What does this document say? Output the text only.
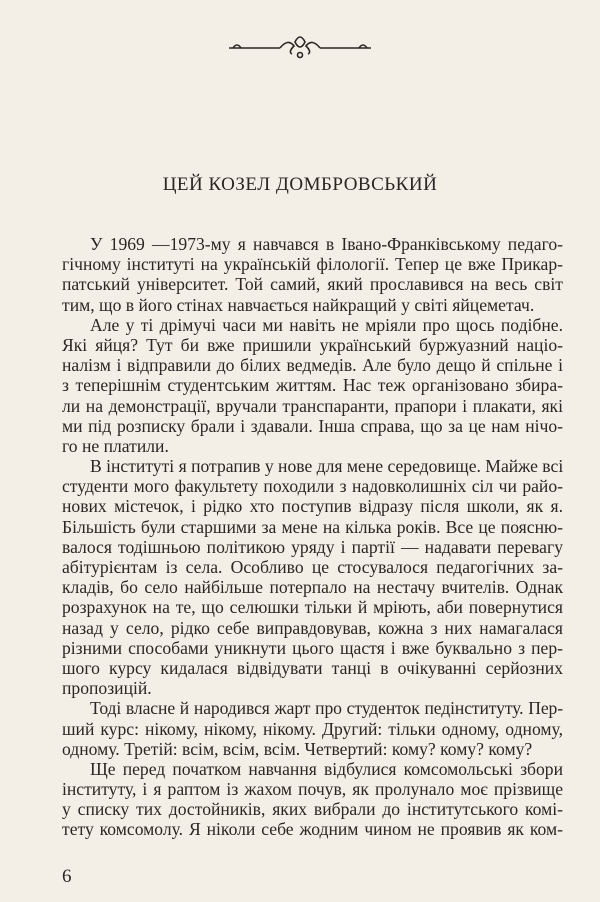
ЦЕЙ КОЗЕЛ ДОМБРОВСЬКИЙ
У 1969 —1973-му я навчався в Івано-Франківському педаго-
гічному інституті на українській філології. Тепер це вже Прикар-
патський університет. Той самий, який прославився на весь світ
тим, що в його стінах навчається найкращий у світі яйцеметач.
Але у ті дрімучі часи ми навіть не мріяли про щось подібне.
Які яйця? Тут би вже пришили український буржуазний націо-
налізм і відправили до білих ведмедів. Але було дещо й спільне і
з теперішнім студентським життям. Нас теж організовано збира-
ли на демонстрації, вручали транспаранти, прапори і плакати, які
ми під розписку брали і здавали. Інша справа, що за це нам нічо-
го не платили.
В інституті я потрапив у нове для мене середовище. Майже всі
студенти мого факультету походили з надовколишніх сіл чи райо-
нових містечок, і рідко хто поступив відразу після школи, як я.
Більшість були старшими за мене на кілька років. Все це поясню-
валося тодішньою політикою уряду і партії — надавати перевагу
абітурієнтам із села. Особливо це стосувалося педагогічних за-
кладів, бо село найбільше потерпало на нестачу вчителів. Однак
розрахунок на те, що селюшки тільки й мріють, аби повернутися
назад у село, рідко себе виправдовував, кожна з них намагалася
різними способами уникнути цього щастя і вже буквально з пер-
шого курсу кидалася відвідувати танці в очікуванні серйозних
пропозицій.
Тоді власне й народився жарт про студенток педінституту. Пер-
ший курс: нікому, нікому, нікому. Другий: тільки одному, одному,
одному. Третій: всім, всім, всім. Четвертий: кому? кому? кому?
Ще перед початком навчання відбулися комсомольські збори
інституту, і я раптом із жахом почув, як пролунало моє прізвище
у списку тих достойників, яких вибрали до інститутського комі-
тету комсомолу. Я ніколи себе жодним чином не проявив як ком-
6
